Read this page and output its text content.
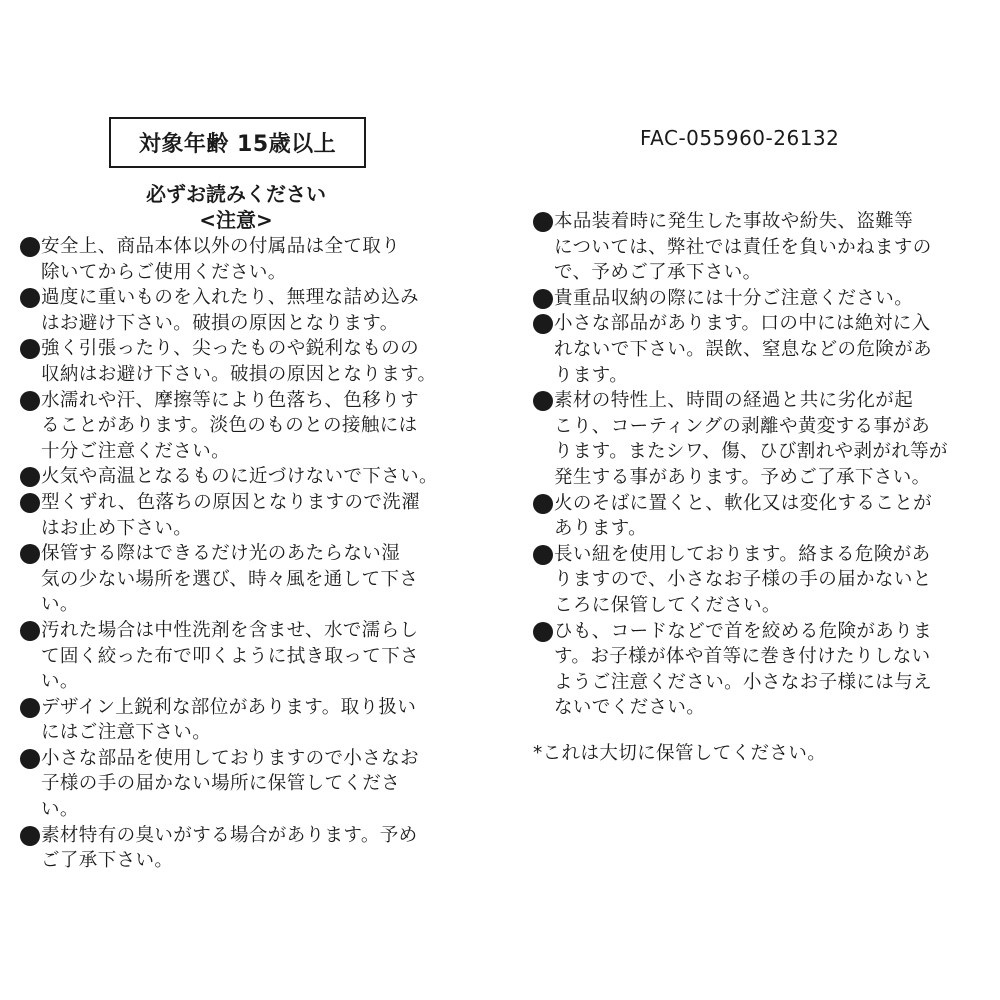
対象年齢 15歳以上	FAC-055960-26132
必ずお読みください
<注意>
安全上、商品本体以外の付属品は全て取り
除いてからご使用ください。
過度に重いものを入れたり、無理な詰め込み
はお避け下さい。破損の原因となります。
強く引張ったり、尖ったものや鋭利なものの
収納はお避け下さい。破損の原因となります。
水濡れや汗、摩擦等により色落ち、色移りす
ることがあります。淡色のものとの接触には
十分ご注意ください。
火気や高温となるものに近づけないで下さい。
型くずれ、色落ちの原因となりますので洗濯
はお止め下さい。
保管する際はできるだけ光のあたらない湿
気の少ない場所を選び、時々風を通して下さ
い。
汚れた場合は中性洗剤を含ませ、水で濡らし
て固く絞った布で叩くように拭き取って下さ
い。
デザイン上鋭利な部位があります。取り扱い
にはご注意下さい。
小さな部品を使用しておりますので小さなお
子様の手の届かない場所に保管してくださ
い。
素材特有の臭いがする場合があります。予め
ご了承下さい。
本品装着時に発生した事故や紛失、盗難等
については、弊社では責任を負いかねますの
で、予めご了承下さい。
貴重品収納の際には十分ご注意ください。
小さな部品があります。口の中には絶対に入
れないで下さい。誤飲、窒息などの危険があ
ります。
素材の特性上、時間の経過と共に劣化が起
こり、コーティングの剥離や黄変する事があ
ります。またシワ、傷、ひび割れや剥がれ等が
発生する事があります。予めご了承下さい。
火のそばに置くと、軟化又は変化することが
あります。
長い紐を使用しております。絡まる危険があ
りますので、小さなお子様の手の届かないと
ころに保管してください。
ひも、コードなどで首を絞める危険がありま
す。お子様が体や首等に巻き付けたりしない
ようご注意ください。小さなお子様には与え
ないでください。
*これは大切に保管してください。
